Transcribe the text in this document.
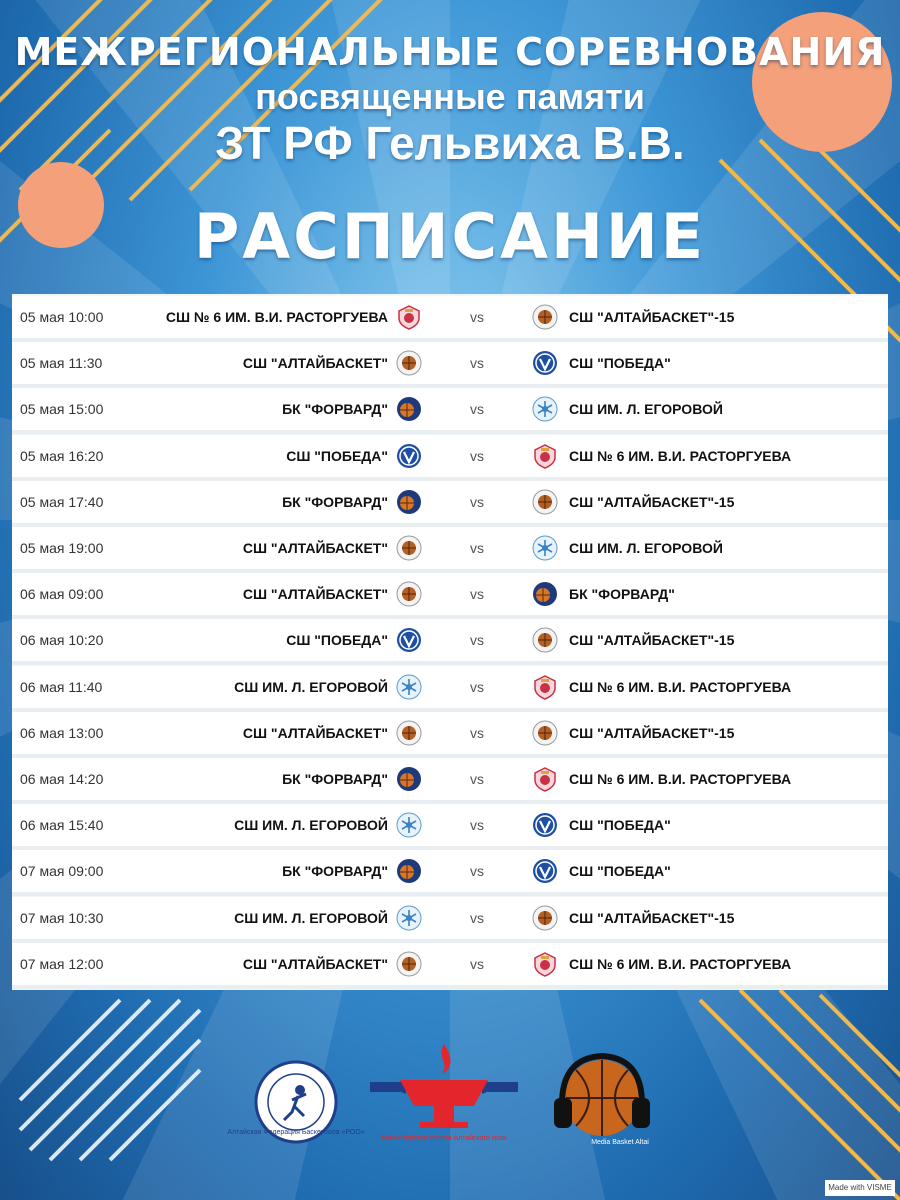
МЕЖРЕГИОНАЛЬНЫЕ СОРЕВНОВАНИЯ
посвященные памяти
ЗТ РФ Гельвиха В.В.
РАСПИСАНИЕ
05 мая 10:00	СШ № 6 ИМ. В.И. РАСТОРГУЕВА	vs	СШ "АЛТАЙБАСКЕТ"-15
05 мая 11:30	СШ "АЛТАЙБАСКЕТ"	vs	СШ "ПОБЕДА"
05 мая 15:00	БК "ФОРВАРД"	vs	СШ ИМ. Л. ЕГОРОВОЙ
05 мая 16:20	СШ "ПОБЕДА"	vs	СШ № 6 ИМ. В.И. РАСТОРГУЕВА
05 мая 17:40	БК "ФОРВАРД"	vs	СШ "АЛТАЙБАСКЕТ"-15
05 мая 19:00	СШ "АЛТАЙБАСКЕТ"	vs	СШ ИМ. Л. ЕГОРОВОЙ
06 мая 09:00	СШ "АЛТАЙБАСКЕТ"	vs	БК "ФОРВАРД"
06 мая 10:20	СШ "ПОБЕДА"	vs	СШ "АЛТАЙБАСКЕТ"-15
06 мая 11:40	СШ ИМ. Л. ЕГОРОВОЙ	vs	СШ № 6 ИМ. В.И. РАСТОРГУЕВА
06 мая 13:00	СШ "АЛТАЙБАСКЕТ"	vs	СШ "АЛТАЙБАСКЕТ"-15
06 мая 14:20	БК "ФОРВАРД"	vs	СШ № 6 ИМ. В.И. РАСТОРГУЕВА
06 мая 15:40	СШ ИМ. Л. ЕГОРОВОЙ	vs	СШ "ПОБЕДА"
07 мая 09:00	БК "ФОРВАРД"	vs	СШ "ПОБЕДА"
07 мая 10:30	СШ ИМ. Л. ЕГОРОВОЙ	vs	СШ "АЛТАЙБАСКЕТ"-15
07 мая 12:00	СШ "АЛТАЙБАСКЕТ"	vs	СШ № 6 ИМ. В.И. РАСТОРГУЕВА
Алтайская Федерация Баскетбола «РОО»
Министерство спорта Алтайского края
Media Basket Altai
Made with VISME
